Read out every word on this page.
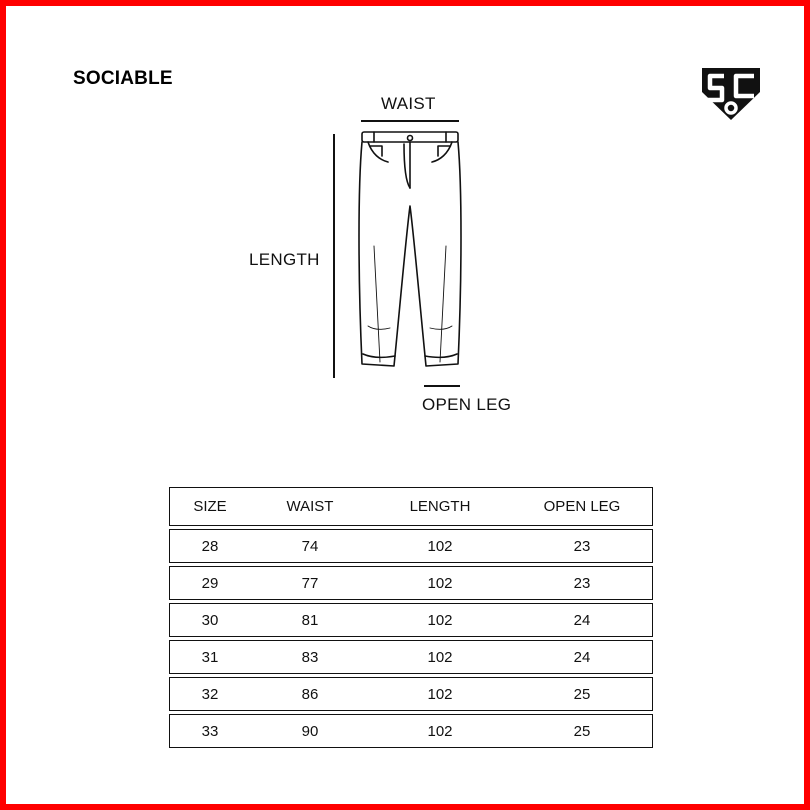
SOCIABLE
WAIST
LENGTH
OPEN LEG
SIZE	WAIST	LENGTH	OPEN LEG
28	74	102	23
29	77	102	23
30	81	102	24
31	83	102	24
32	86	102	25
33	90	102	25
